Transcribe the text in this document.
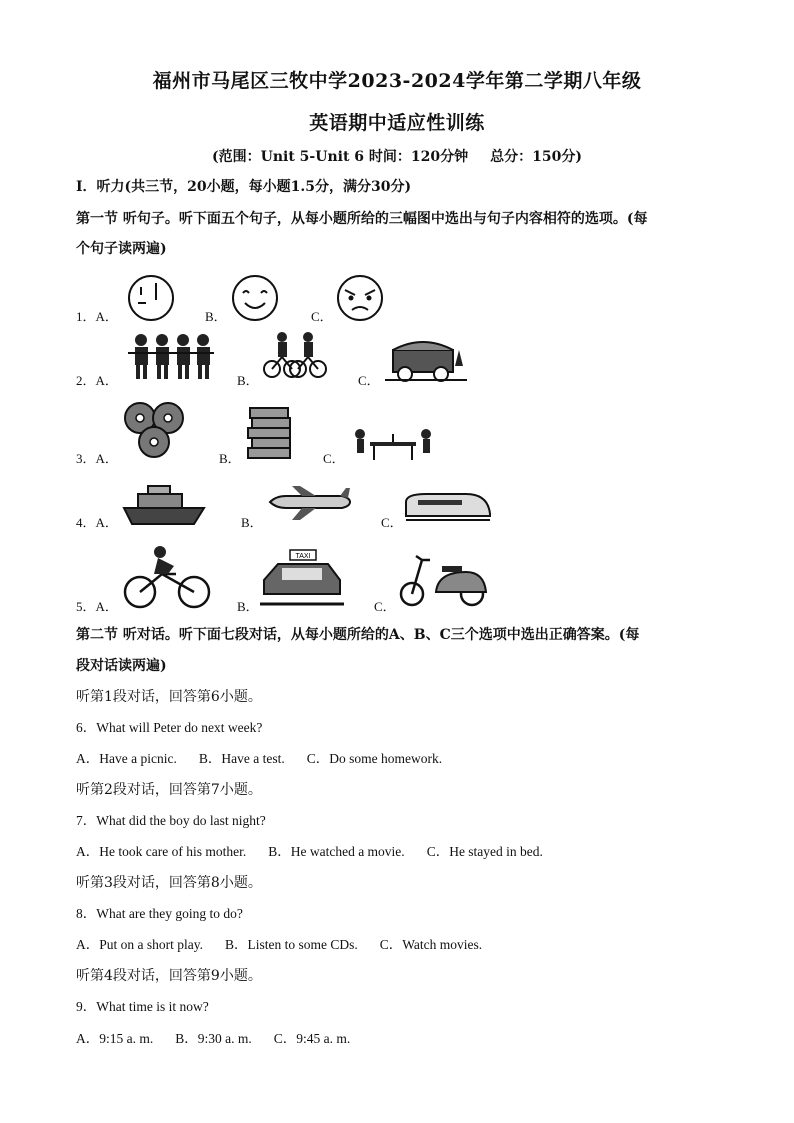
福州市马尾区三牧中学2023-2024学年第二学期八年级
英语期中适应性训练
(范围：Unit 5-Unit 6 时间：120分钟 总分：150分)
Ⅰ．听力(共三节，20小题，每小题1.5分，满分30分)
第一节 听句子。听下面五个句子，从每小题所给的三幅图中选出与句子内容相符的选项。(每
个句子读两遍)
1．A．	B．	C．
2．A．	B．	C．
3．A．	B．	C．
4．A．	B．	C．
5．A．	B．
TAXI
C．
第二节 听对话。听下面七段对话，从每小题所给的A、B、C三个选项中选出正确答案。(每
段对话读两遍)
听第1段对话，回答第6小题。
6．What will Peter do next week?
A．Have a picnic. B．Have a test. C．Do some homework.
听第2段对话，回答第7小题。
7．What did the boy do last night?
A．He took care of his mother. B．He watched a movie. C．He stayed in bed.
听第3段对话，回答第8小题。
8．What are they going to do?
A．Put on a short play. B．Listen to some CDs. C．Watch movies.
听第4段对话，回答第9小题。
9．What time is it now?
A．9:15 a. m. B．9:30 a. m. C．9:45 a. m.
